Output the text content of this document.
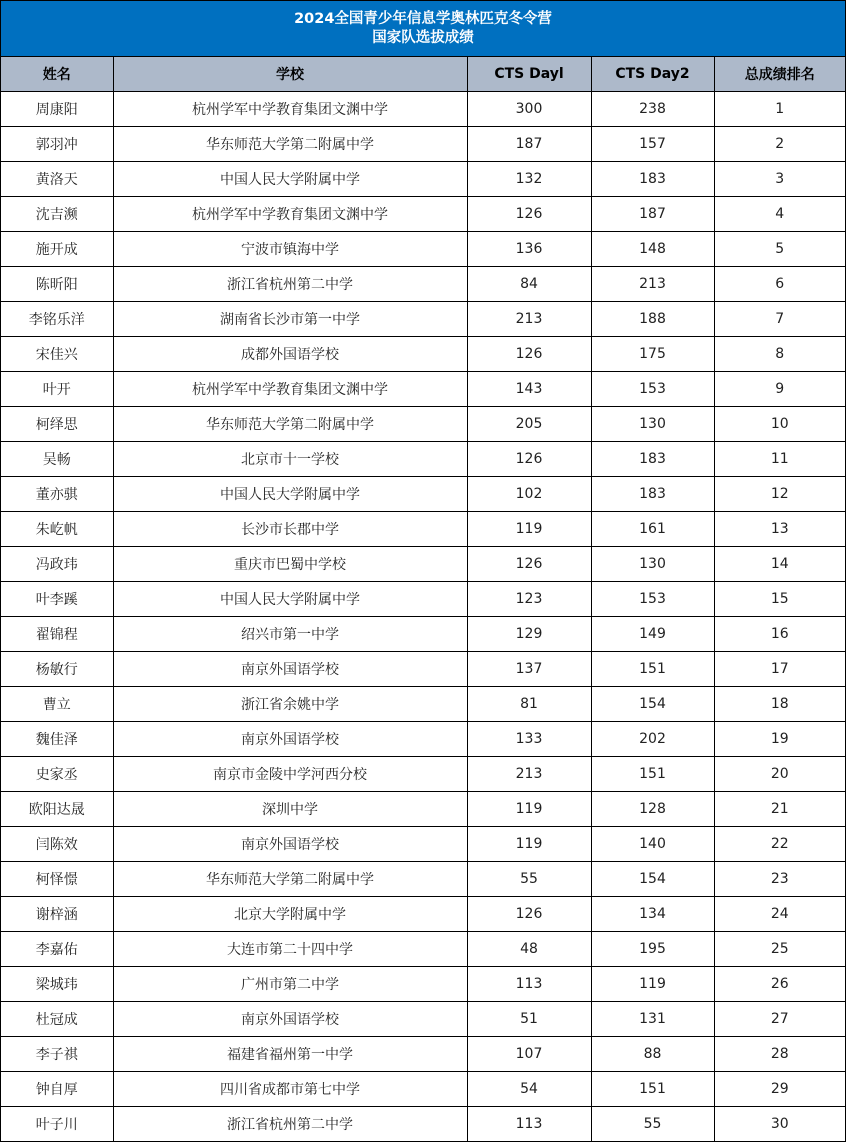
2024全国青少年信息学奥林匹克冬令营
国家队选拔成绩
姓名	学校	CTS Dayl	CTS Day2	总成绩排名
周康阳	杭州学军中学教育集团文渊中学	300	238	1
郭羽冲	华东师范大学第二附属中学	187	157	2
黄洛天	中国人民大学附属中学	132	183	3
沈吉濒	杭州学军中学教育集团文渊中学	126	187	4
施开成	宁波市镇海中学	136	148	5
陈昕阳	浙江省杭州第二中学	84	213	6
李铭乐洋	湖南省长沙市第一中学	213	188	7
宋佳兴	成都外国语学校	126	175	8
叶开	杭州学军中学教育集团文渊中学	143	153	9
柯绎思	华东师范大学第二附属中学	205	130	10
吴畅	北京市十一学校	126	183	11
董亦骐	中国人民大学附属中学	102	183	12
朱屹帆	长沙市长郡中学	119	161	13
冯政玮	重庆市巴蜀中学校	126	130	14
叶李蹊	中国人民大学附属中学	123	153	15
翟锦程	绍兴市第一中学	129	149	16
杨敏行	南京外国语学校	137	151	17
曹立	浙江省余姚中学	81	154	18
魏佳泽	南京外国语学校	133	202	19
史家丞	南京市金陵中学河西分校	213	151	20
欧阳达晟	深圳中学	119	128	21
闫陈效	南京外国语学校	119	140	22
柯怿憬	华东师范大学第二附属中学	55	154	23
谢梓涵	北京大学附属中学	126	134	24
李嘉佑	大连市第二十四中学	48	195	25
梁城玮	广州市第二中学	113	119	26
杜冠成	南京外国语学校	51	131	27
李子祺	福建省福州第一中学	107	88	28
钟自厚	四川省成都市第七中学	54	151	29
叶子川	浙江省杭州第二中学	113	55	30
